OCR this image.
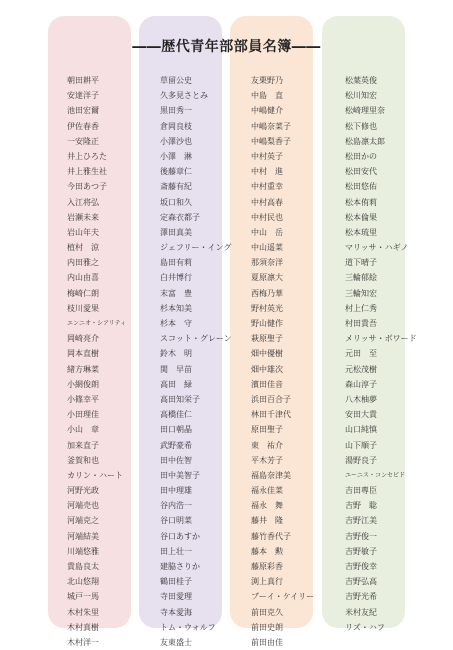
――歴代青年部部員名簿――
朝田耕平
安達洋子
池田宏爾
伊佐春香
一安隆正
井上ひろた
井上雅生社
今田あつ子
入江将弘
岩瀬未来
岩山年夫
植村　涼
内田雅之
内山由喜
梅崎仁朗
枝川愛果
エンニオ・シアリティ
岡崎亮介
岡本直樹
緒方琳菜
小網俊朗
小篠幸平
小田理佳
小山　章
加来直子
釜賀和也
カリン・ハート
河野光政
河端売也
河端克之
河端結美
川端悠雅
貴島良太
北山悠翔
城戸一馬
木村朱里
木村真樹
木村洋一
草留公史
久多見さとみ
黒田秀一
倉岡良枝
小澤沙也
小澤　淋
後藤章仁
斎藤有紀
坂口和久
定森衣都子
澤田真美
ジェフリー・イング
島田有莉
白井博行
末富　豊
杉本知美
杉本　守
スコット・グレーン
鈴木　明
関　早苗
高田　緑
高田知栄子
高橋佳仁
田口朝晶
武野豪希
田中佐智
田中美智子
田中理雄
谷内浩一
谷口明菜
谷口あすか
田上壮一
建脇さりか
鶴田桂子
寺田愛理
寺本愛海
トム・ウォルフ
友東盛士
友栗野乃
中島　直
中嶋健介
中嶋奈菜子
中嶋梨香子
中村英子
中村　進
中村重幸
中村高春
中村民也
中山　岳
中山遥菜
那須奈洋
夏原凛大
西梅乃華
野村英光
野山健作
萩原聖子
畑中優樹
畑中雄次
濱田佳音
浜田百合子
林田千津代
原田聖子
東　祐介
平木芳子
福島奈津美
福永佳菜
福永　舞
藤井　隆
藤竹香代子
藤本　勲
藤原彩香
渕上真行
ブーイ・ケイリー
前田克久
前田史朗
前田由佳
松葉英俊
松川知宏
松崎理里奈
松下修也
松島凛太郎
松田かの
松田安代
松田悠佑
松本侑莉
松本倫果
松本琉里
マリッサ・ハギノ
道下晴子
三輪郁絵
三輪知宏
村上仁秀
村田貴吾
メリッサ・ボワード
元田　至
元松茂樹
森山淳子
八木柚夢
安田大貴
山口純慎
山下順子
湯野良子
ユーニス・コンセビド
吉田專臣
吉野　聡
吉野江美
吉野俊一
吉野敏子
吉野俊幸
吉野弘高
吉野光希
米村友紀
リズ・ハフ
